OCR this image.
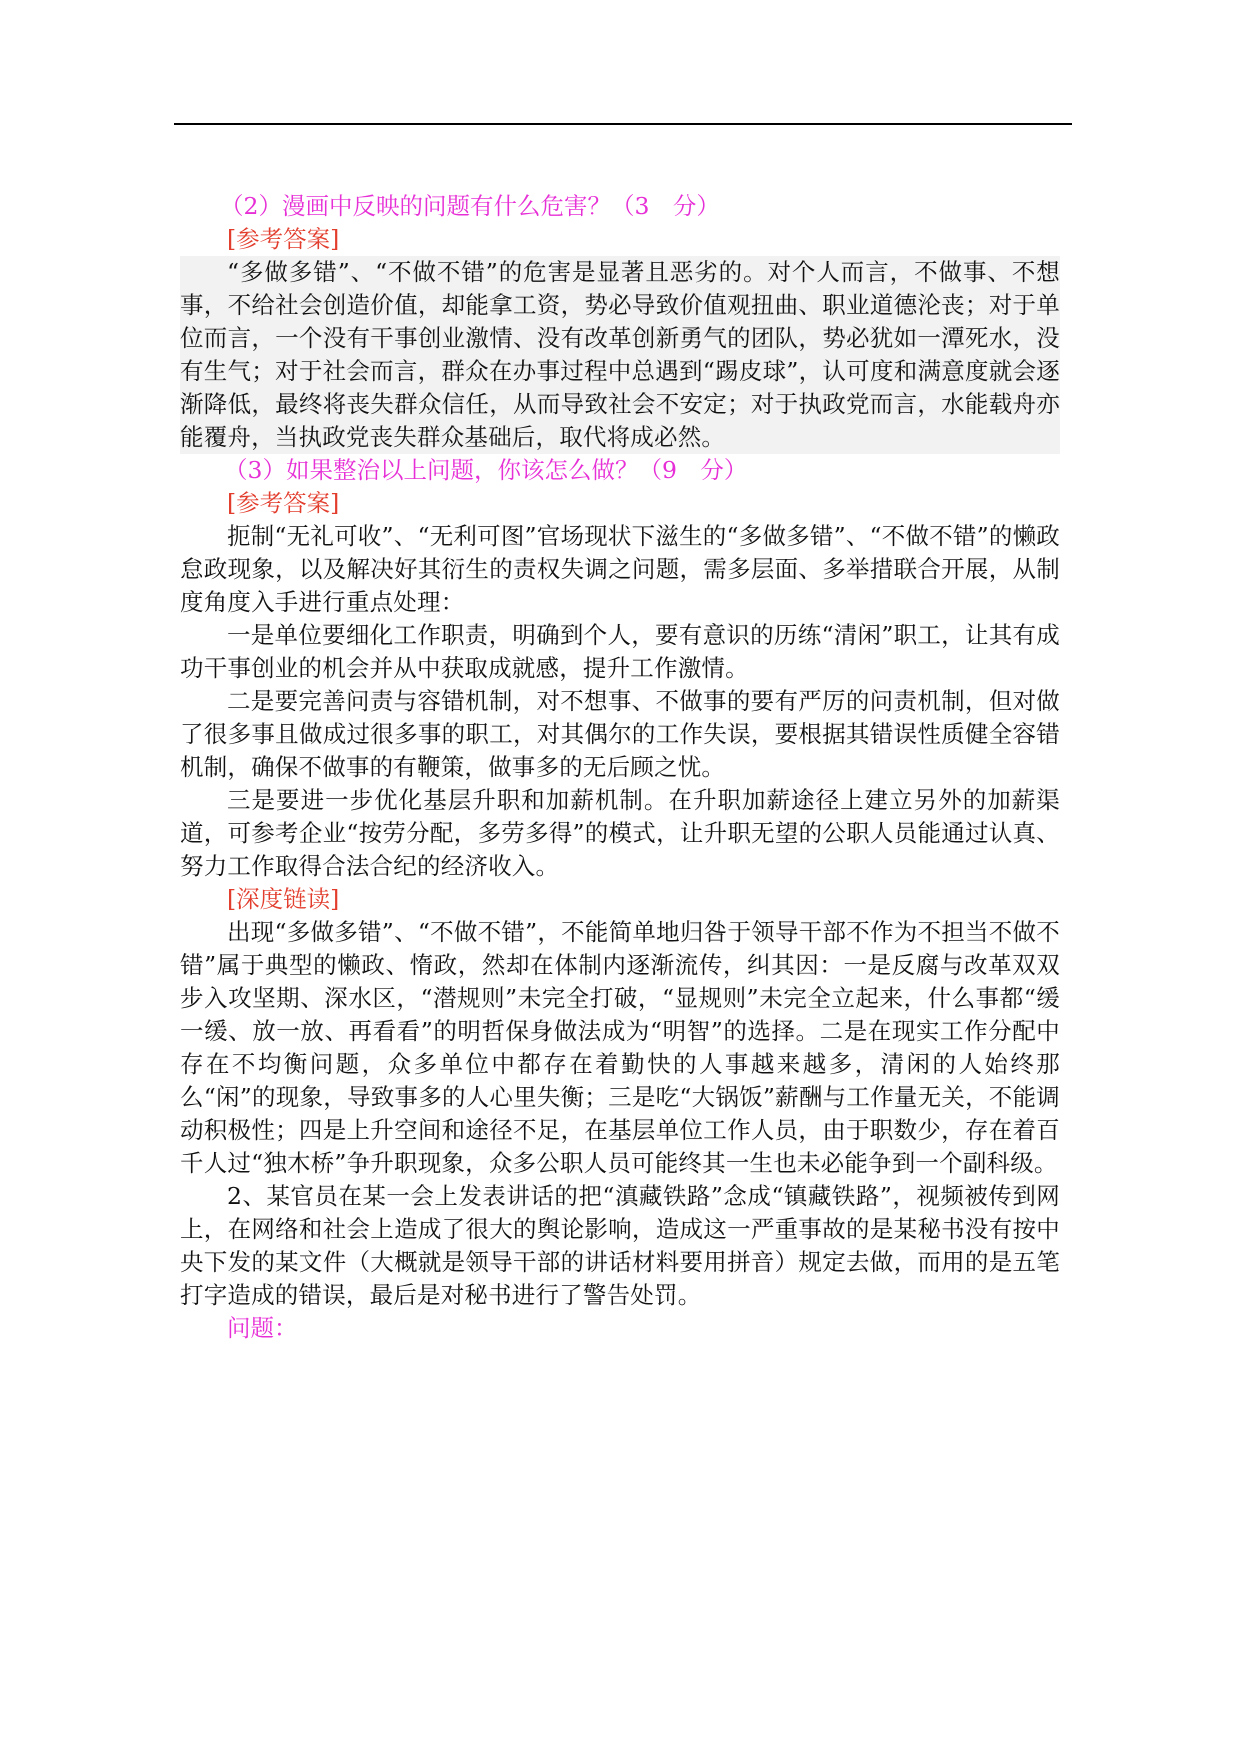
（2）漫画中反映的问题有什么危害？（3　分）

[参考答案]

“多做多错”、“不做不错”的危害是显著且恶劣的。对个人而言，不做事、不想事，不给社会创造价值，却能拿工资，势必导致价值观扭曲、职业道德沦丧；对于单位而言，一个没有干事创业激情、没有改革创新勇气的团队，势必犹如一潭死水，没有生气；对于社会而言，群众在办事过程中总遇到“踢皮球”，认可度和满意度就会逐渐降低，最终将丧失群众信任，从而导致社会不安定；对于执政党而言，水能载舟亦能覆舟，当执政党丧失群众基础后，取代将成必然。

（3）如果整治以上问题，你该怎么做？（9　分）

[参考答案]

扼制“无礼可收”、“无利可图”官场现状下滋生的“多做多错”、“不做不错”的懒政怠政现象，以及解决好其衍生的责权失调之问题，需多层面、多举措联合开展，从制度角度入手进行重点处理：

一是单位要细化工作职责，明确到个人，要有意识的历练“清闲”职工，让其有成功干事创业的机会并从中获取成就感，提升工作激情。

二是要完善问责与容错机制，对不想事、不做事的要有严厉的问责机制，但对做了很多事且做成过很多事的职工，对其偶尔的工作失误，要根据其错误性质健全容错机制，确保不做事的有鞭策，做事多的无后顾之忧。

三是要进一步优化基层升职和加薪机制。在升职加薪途径上建立另外的加薪渠道，可参考企业“按劳分配，多劳多得”的模式，让升职无望的公职人员能通过认真、努力工作取得合法合纪的经济收入。

[深度链读]

出现“多做多错”、“不做不错”，不能简单地归咎于领导干部不作为不担当不做不错”属于典型的懒政、惰政，然却在体制内逐渐流传，纠其因：一是反腐与改革双双步入攻坚期、深水区，“潜规则”未完全打破，“显规则”未完全立起来，什么事都“缓一缓、放一放、再看看”的明哲保身做法成为“明智”的选择。二是在现实工作分配中存在不均衡问题，众多单位中都存在着勤快的人事越来越多，清闲的人始终那么“闲”的现象，导致事多的人心里失衡；三是吃“大锅饭”薪酬与工作量无关，不能调动积极性；四是上升空间和途径不足，在基层单位工作人员，由于职数少，存在着百千人过“独木桥”争升职现象，众多公职人员可能终其一生也未必能争到一个副科级。

2、某官员在某一会上发表讲话的把“滇藏铁路”念成“镇藏铁路”，视频被传到网上，在网络和社会上造成了很大的舆论影响，造成这一严重事故的是某秘书没有按中央下发的某文件（大概就是领导干部的讲话材料要用拼音）规定去做，而用的是五笔打字造成的错误，最后是对秘书进行了警告处罚。

问题：
